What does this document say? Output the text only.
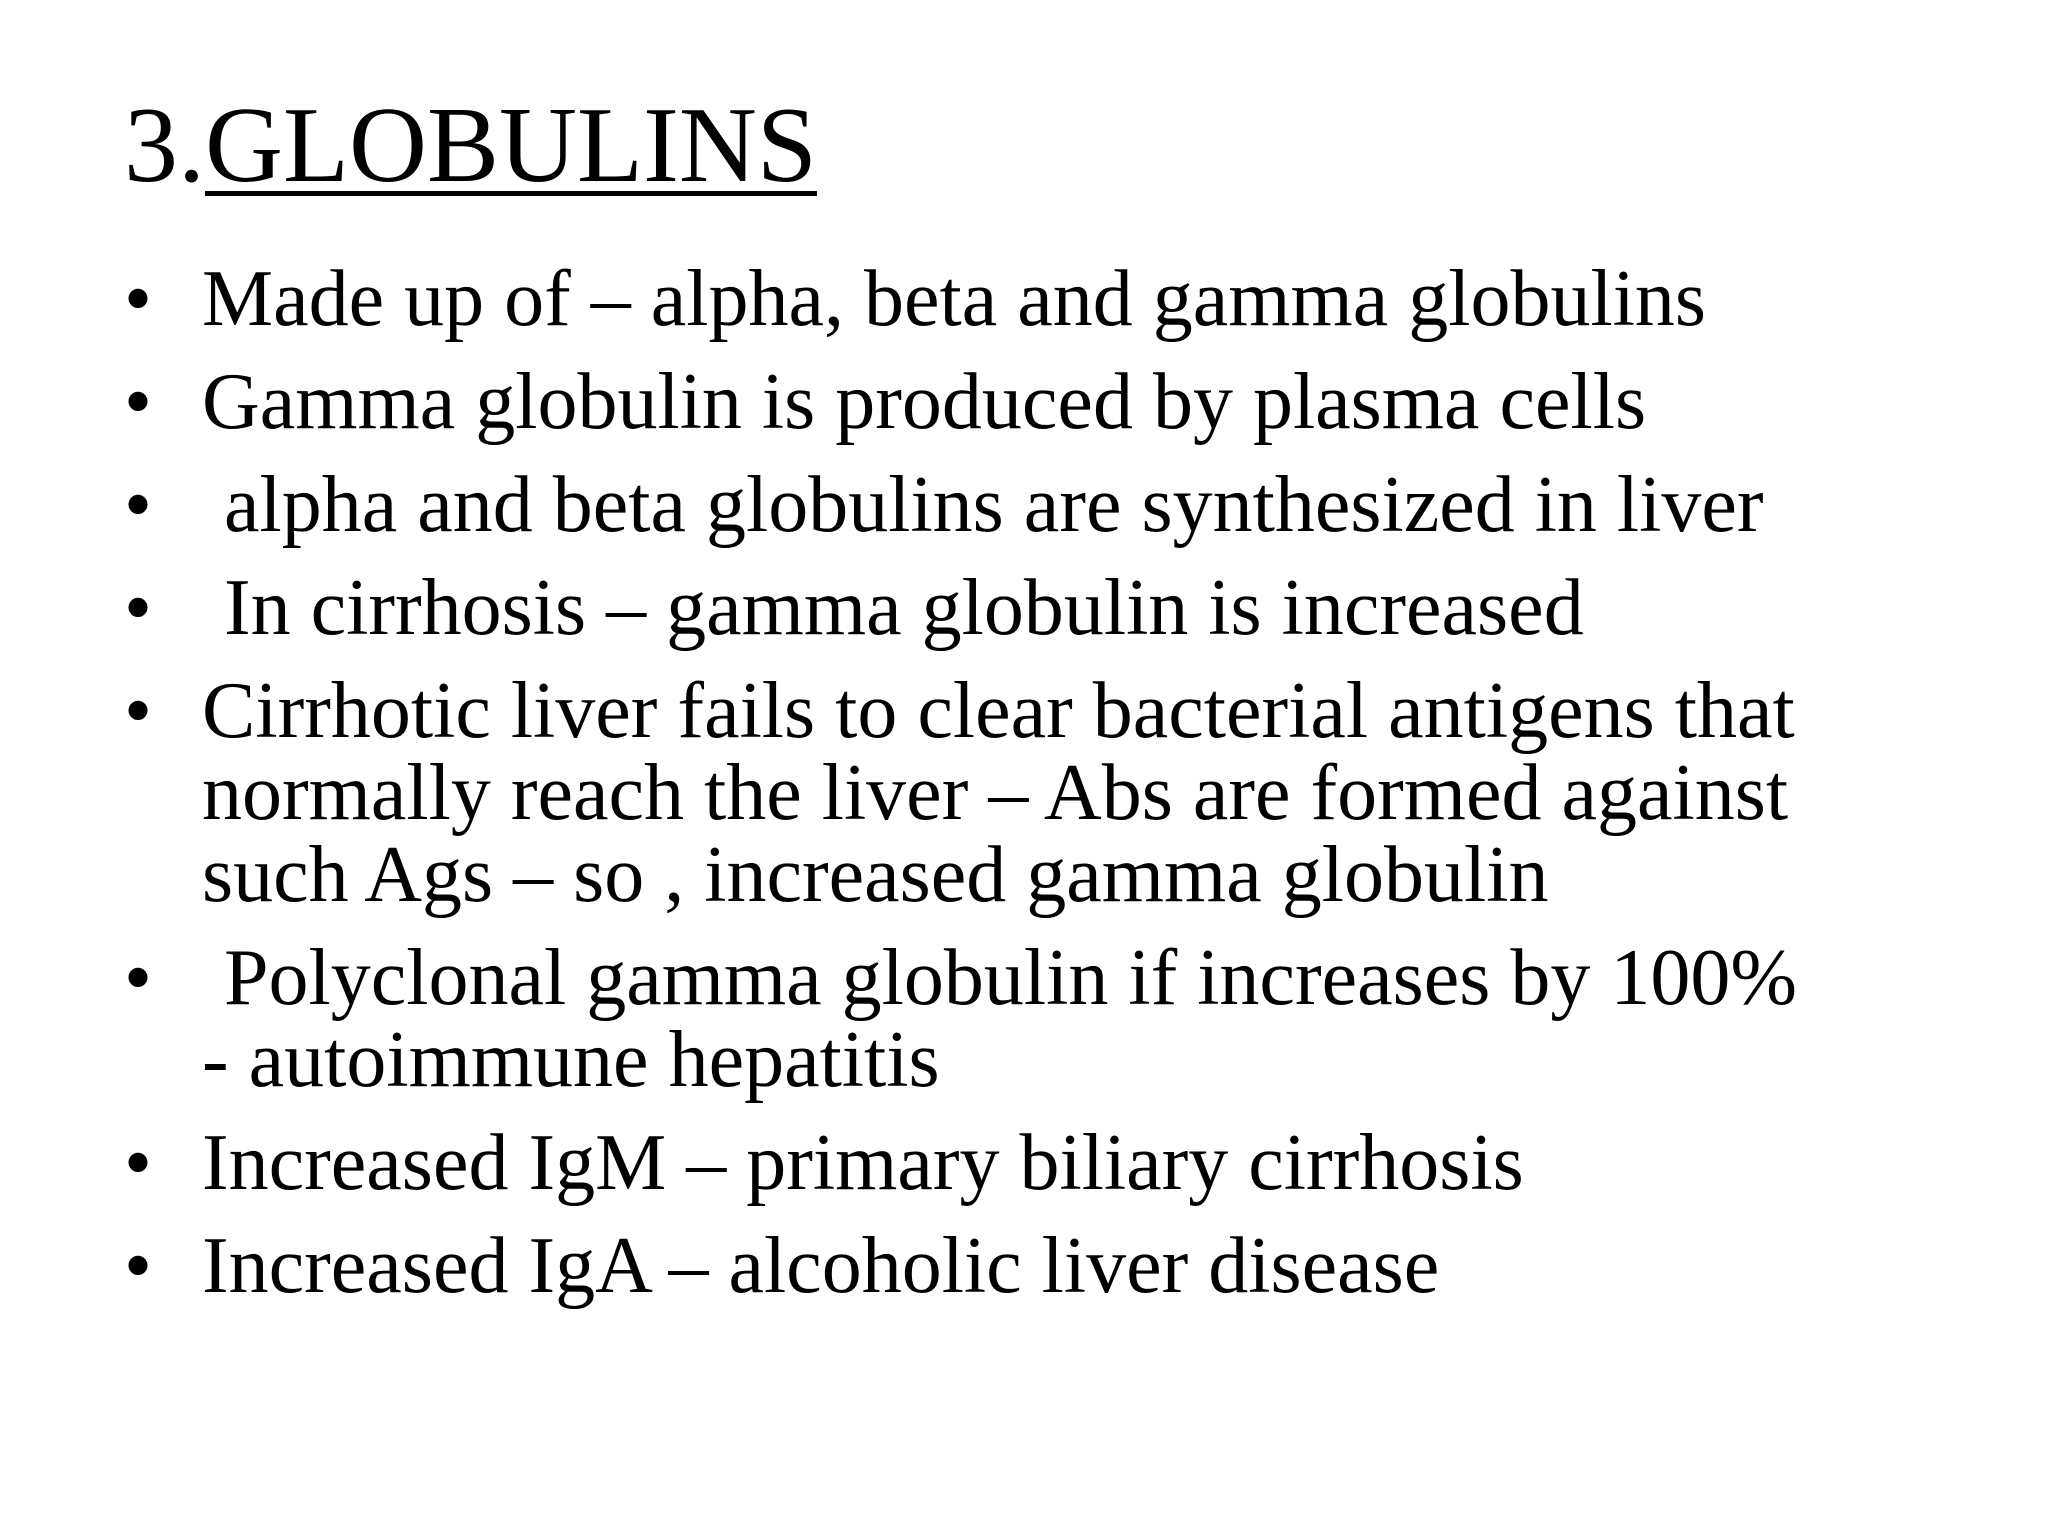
3.GLOBULINS
• Made up of – alpha, beta and gamma globulins
• Gamma globulin is produced by plasma cells
• alpha and beta globulins are synthesized in liver
• In cirrhosis – gamma globulin is increased
• Cirrhotic liver fails to clear bacterial antigens that
normally reach the liver – Abs are formed against
such Ags – so , increased gamma globulin
• Polyclonal gamma globulin if increases by 100%
- autoimmune hepatitis
• Increased IgM – primary biliary cirrhosis
• Increased IgA – alcoholic liver disease
